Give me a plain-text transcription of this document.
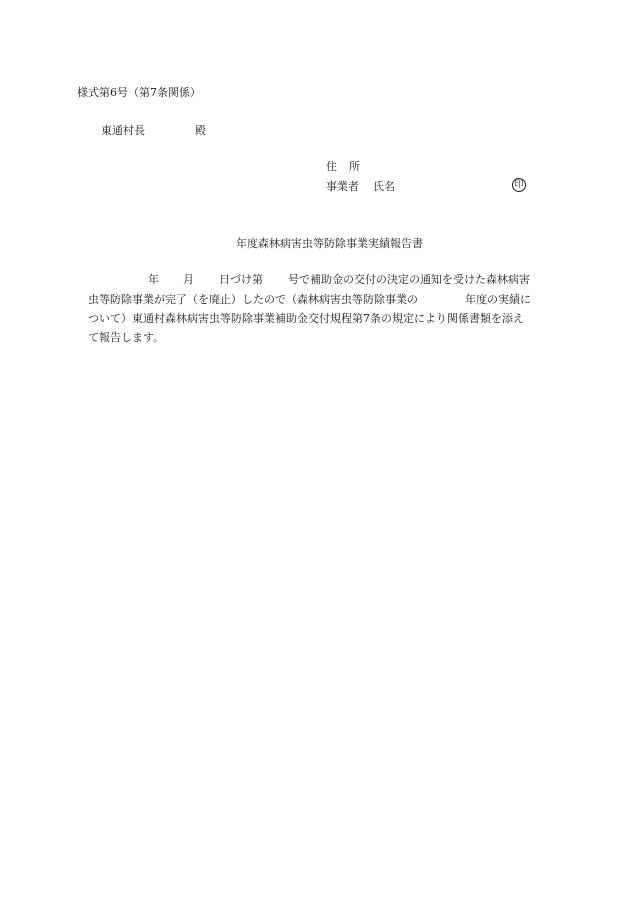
様式第6号（第7条関係）
東通村長	殿
住 所
事業者 氏名	印
年度森林病害虫等防除事業実績報告書
年 月 日づけ第 号で補助金の交付の決定の通知を受けた森林病害
虫等防除事業が完了（を廃止）したので（森林病害虫等防除事業の	年度の実績に
ついて）東通村森林病害虫等防除事業補助金交付規程第7条の規定により関係書類を添え
て報告します。
